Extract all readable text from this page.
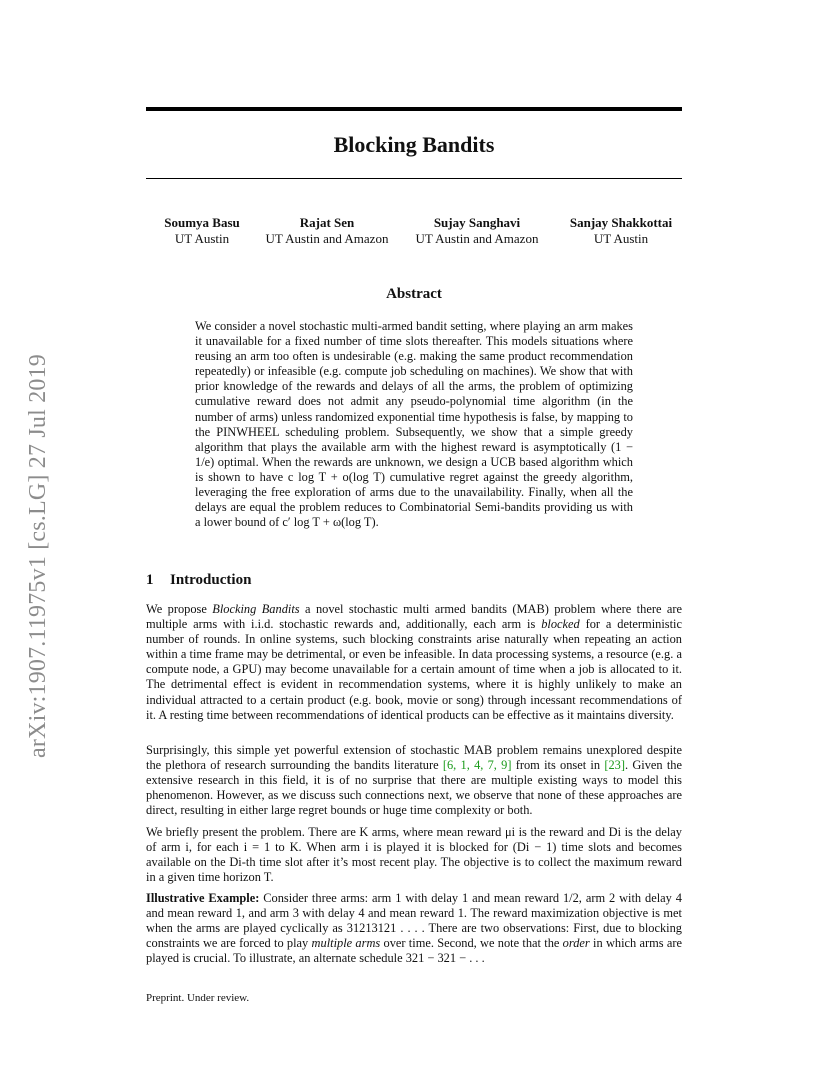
arXiv:1907.11975v1 [cs.LG] 27 Jul 2019
Blocking Bandits
Soumya Basu
UT Austin
Rajat Sen
UT Austin and Amazon
Sujay Sanghavi
UT Austin and Amazon
Sanjay Shakkottai
UT Austin
Abstract
We consider a novel stochastic multi-armed bandit setting, where playing an arm makes it unavailable for a fixed number of time slots thereafter. This models situations where reusing an arm too often is undesirable (e.g. making the same product recommendation repeatedly) or infeasible (e.g. compute job scheduling on machines). We show that with prior knowledge of the rewards and delays of all the arms, the problem of optimizing cumulative reward does not admit any pseudo-polynomial time algorithm (in the number of arms) unless randomized exponential time hypothesis is false, by mapping to the PINWHEEL scheduling problem. Subsequently, we show that a simple greedy algorithm that plays the available arm with the highest reward is asymptotically (1 − 1/e) optimal. When the rewards are unknown, we design a UCB based algorithm which is shown to have c log T + o(log T) cumulative regret against the greedy algorithm, leveraging the free exploration of arms due to the unavailability. Finally, when all the delays are equal the problem reduces to Combinatorial Semi-bandits providing us with a lower bound of c′ log T + ω(log T).
1 Introduction

We propose Blocking Bandits a novel stochastic multi armed bandits (MAB) problem where there are multiple arms with i.i.d. stochastic rewards and, additionally, each arm is blocked for a deterministic number of rounds. In online systems, such blocking constraints arise naturally when repeating an action within a time frame may be detrimental, or even be infeasible. In data processing systems, a resource (e.g. a compute node, a GPU) may become unavailable for a certain amount of time when a job is allocated to it. The detrimental effect is evident in recommendation systems, where it is highly unlikely to make an individual attracted to a certain product (e.g. book, movie or song) through incessant recommendations of it. A resting time between recommendations of identical products can be effective as it maintains diversity.

Surprisingly, this simple yet powerful extension of stochastic MAB problem remains unexplored despite the plethora of research surrounding the bandits literature [6, 1, 4, 7, 9] from its onset in [23]. Given the extensive research in this field, it is of no surprise that there are multiple existing ways to model this phenomenon. However, as we discuss such connections next, we observe that none of these approaches are direct, resulting in either large regret bounds or huge time complexity or both.

We briefly present the problem. There are K arms, where mean reward μi is the reward and Di is the delay of arm i, for each i = 1 to K. When arm i is played it is blocked for (Di − 1) time slots and becomes available on the Di-th time slot after it’s most recent play. The objective is to collect the maximum reward in a given time horizon T.

Illustrative Example: Consider three arms: arm 1 with delay 1 and mean reward 1/2, arm 2 with delay 4 and mean reward 1, and arm 3 with delay 4 and mean reward 1. The reward maximization objective is met when the arms are played cyclically as 31213121 . . . . There are two observations: First, due to blocking constraints we are forced to play multiple arms over time. Second, we note that the order in which arms are played is crucial. To illustrate, an alternate schedule 321 − 321 − . . .

Preprint. Under review.
